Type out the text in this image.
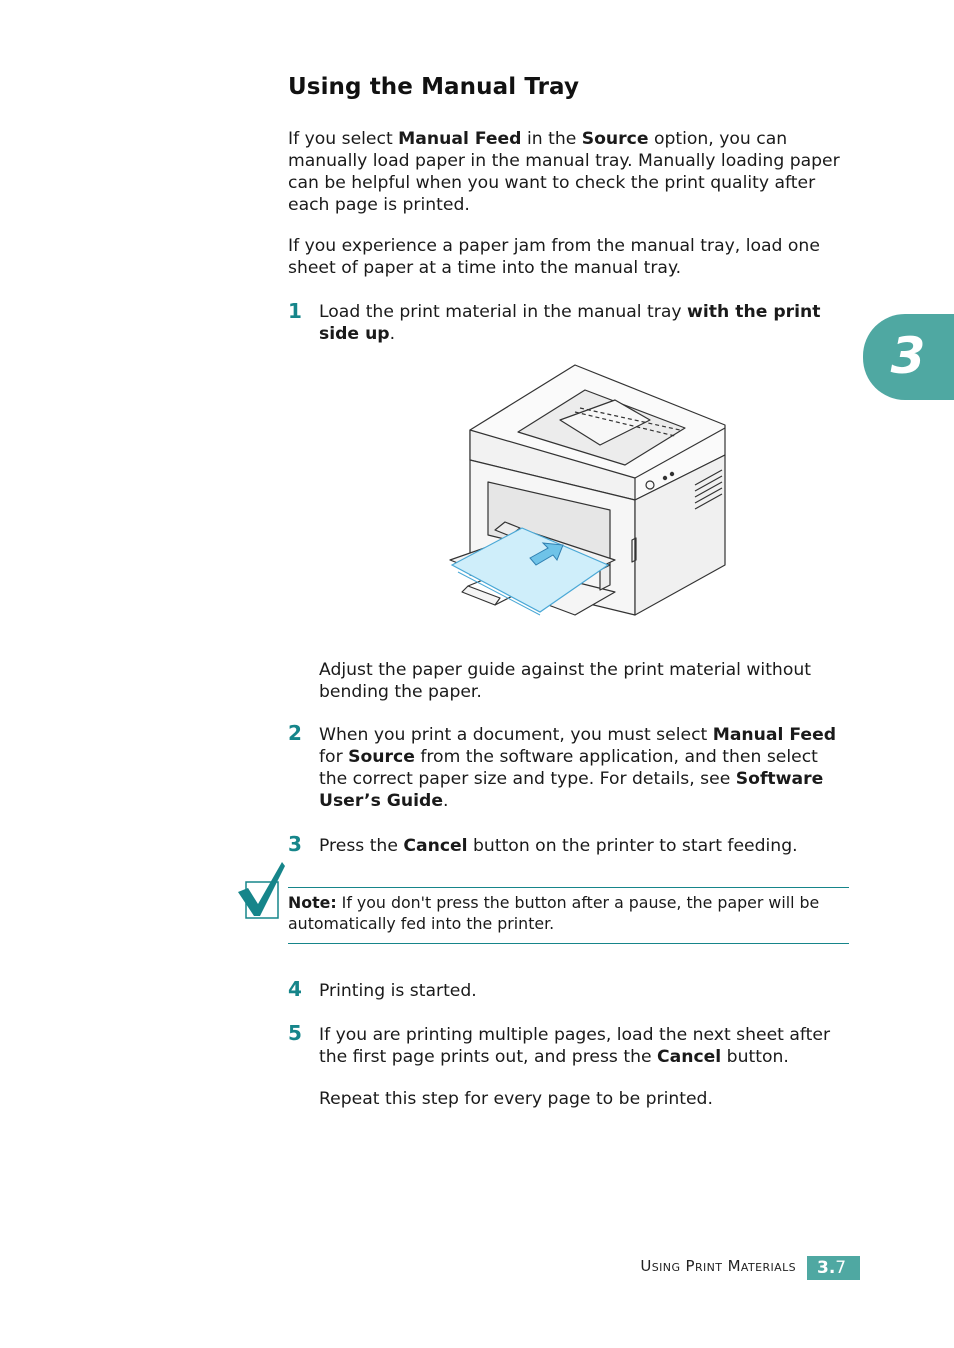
Using the Manual Tray

If you select Manual Feed in the Source option, you can manually load paper in the manual tray. Manually loading paper can be helpful when you want to check the print quality after each page is printed.

If you experience a paper jam from the manual tray, load one sheet of paper at a time into the manual tray.

1 Load the print material in the manual tray with the print side up.

Adjust the paper guide against the print material without bending the paper.

2 When you print a document, you must select Manual Feed for Source from the software application, and then select the correct paper size and type. For details, see Software User’s Guide.

3 Press the Cancel button on the printer to start feeding.

Note: If you don't press the button after a pause, the paper will be automatically fed into the printer.
4 Printing is started.

5 If you are printing multiple pages, load the next sheet after the first page prints out, and press the Cancel button.

Repeat this step for every page to be printed.

3
Using Print Materials	3.7
